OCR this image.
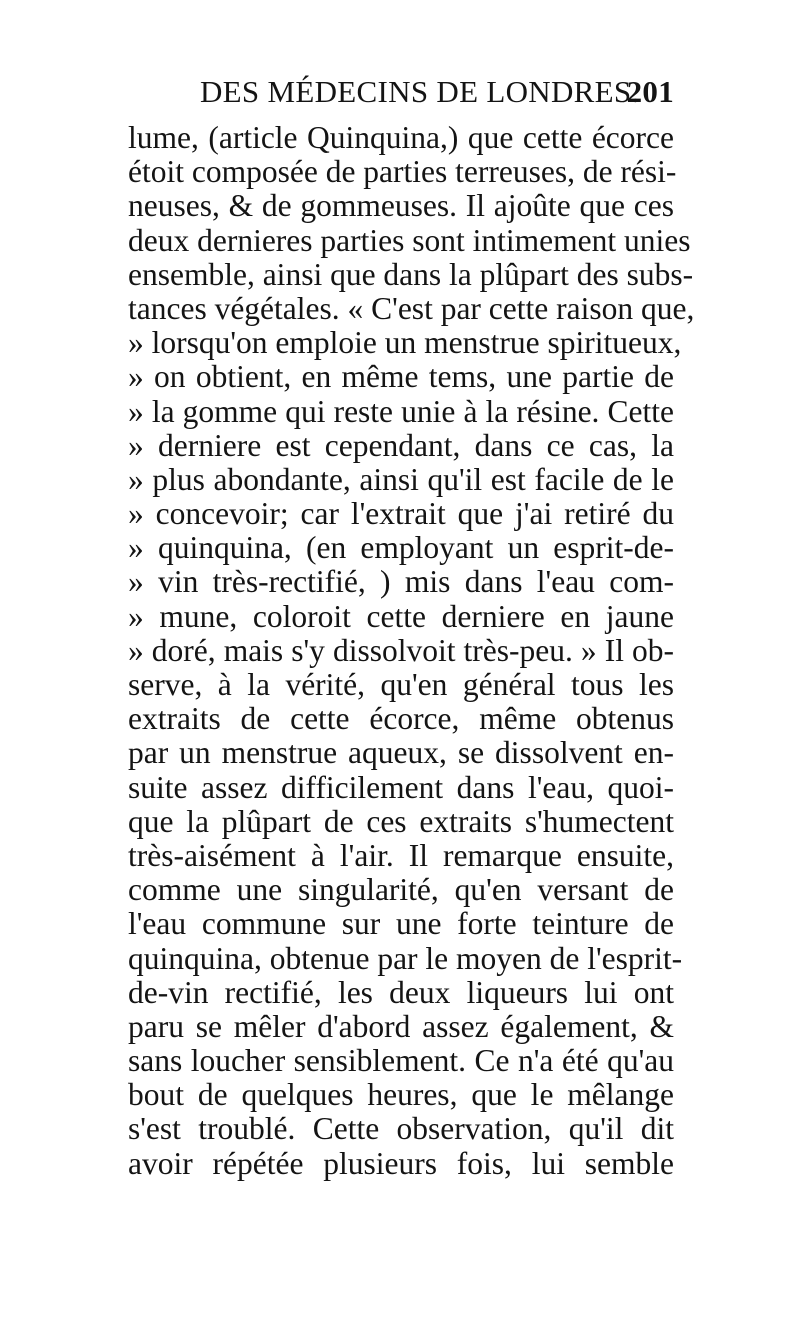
DES MÉDECINS DE LONDRES.
201
lume, (article Quinquina,) que cette écorce
étoit composée de parties terreuses, de rési-
neuses, & de gommeuses. Il ajoûte que ces
deux dernieres parties sont intimement unies
ensemble, ainsi que dans la plûpart des subs-
tances végétales. « C'est par cette raison que,
» lorsqu'on emploie un menstrue spiritueux,
» on obtient, en même tems, une partie de
» la gomme qui reste unie à la résine. Cette
» derniere est cependant, dans ce cas, la
» plus abondante, ainsi qu'il est facile de le
» concevoir; car l'extrait que j'ai retiré du
» quinquina, (en employant un esprit-de-
» vin très-rectifié, ) mis dans l'eau com-
» mune, coloroit cette derniere en jaune
» doré, mais s'y dissolvoit très-peu. » Il ob-
serve, à la vérité, qu'en général tous les
extraits de cette écorce, même obtenus
par un menstrue aqueux, se dissolvent en-
suite assez difficilement dans l'eau, quoi-
que la plûpart de ces extraits s'humectent
très-aisément à l'air. Il remarque ensuite,
comme une singularité, qu'en versant de
l'eau commune sur une forte teinture de
quinquina, obtenue par le moyen de l'esprit-
de-vin rectifié, les deux liqueurs lui ont
paru se mêler d'abord assez également, &
sans loucher sensiblement. Ce n'a été qu'au
bout de quelques heures, que le mêlange
s'est troublé. Cette observation, qu'il dit
avoir répétée plusieurs fois, lui semble
